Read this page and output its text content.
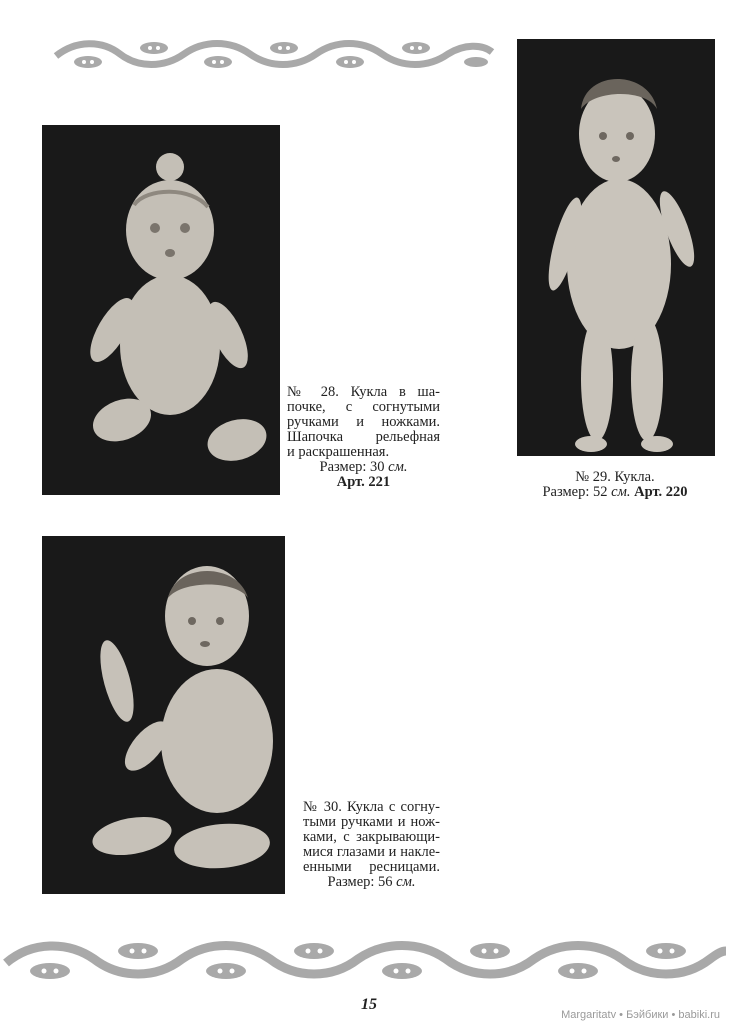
№ 28. Кукла в ша-
почке, с согнутыми
ручками и ножками.
Шапочка рельефная
и раскрашенная.
Размер: 30 см.
Арт. 221	№ 29. Кукла.
Размер: 52 см. Арт. 220
№ 30. Кукла с согну-
тыми ручками и нож-
ками, с закрывающи-
мися глазами и накле-
енными ресницами.
Размер: 56 см.
15
Margaritatv • Бэйбики • babiki.ru
